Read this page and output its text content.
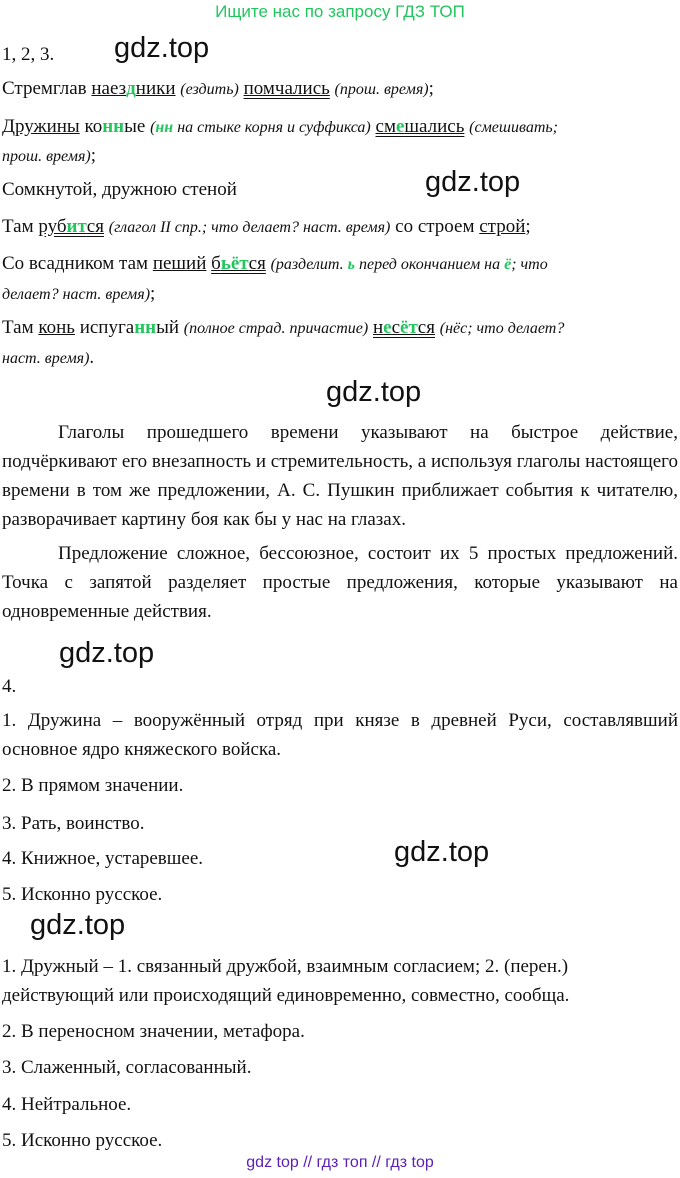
Ищите нас по запросу ГДЗ ТОП
gdz.top
gdz.top
gdz.top
gdz.top
gdz.top
gdz.top
1, 2, 3.
Стремглав наездники (ездить) помчались (прош. время);
Дружины конные (нн на стыке корня и суффикса) смешались (смешивать;
прош. время);
Сомкнутой, дружною стеной
Там рубится (глагол II спр.; что делает? наст. время) со строем строй;
Со всадником там пеший бьётся (разделит. ь перед окончанием на ё; что
делает? наст. время);
Там конь испуганный (полное страд. причастие) несётся (нёс; что делает?
наст. время).
Глаголы прошедшего времени указывают на быстрое действие, подчёркивают его внезапность и стремительность, а используя глаголы настоящего времени в том же предложении, А. С. Пушкин приближает события к читателю, разворачивает картину боя как бы у нас на глазах.
Предложение сложное, бессоюзное, состоит их 5 простых предложений. Точка с запятой разделяет простые предложения, которые указывают на одновременные действия.
4.
1. Дружина – вооружённый отряд при князе в древней Руси, составлявший основное ядро княжеского войска.
2. В прямом значении.
3. Рать, воинство.
4. Книжное, устаревшее.
5. Исконно русское.
1. Дружный – 1. связанный дружбой, взаимным согласием; 2. (перен.) действующий или происходящий единовременно, совместно, сообща.
2. В переносном значении, метафора.
3. Слаженный, согласованный.
4. Нейтральное.
5. Исконно русское.
gdz top // гдз топ // гдз top
